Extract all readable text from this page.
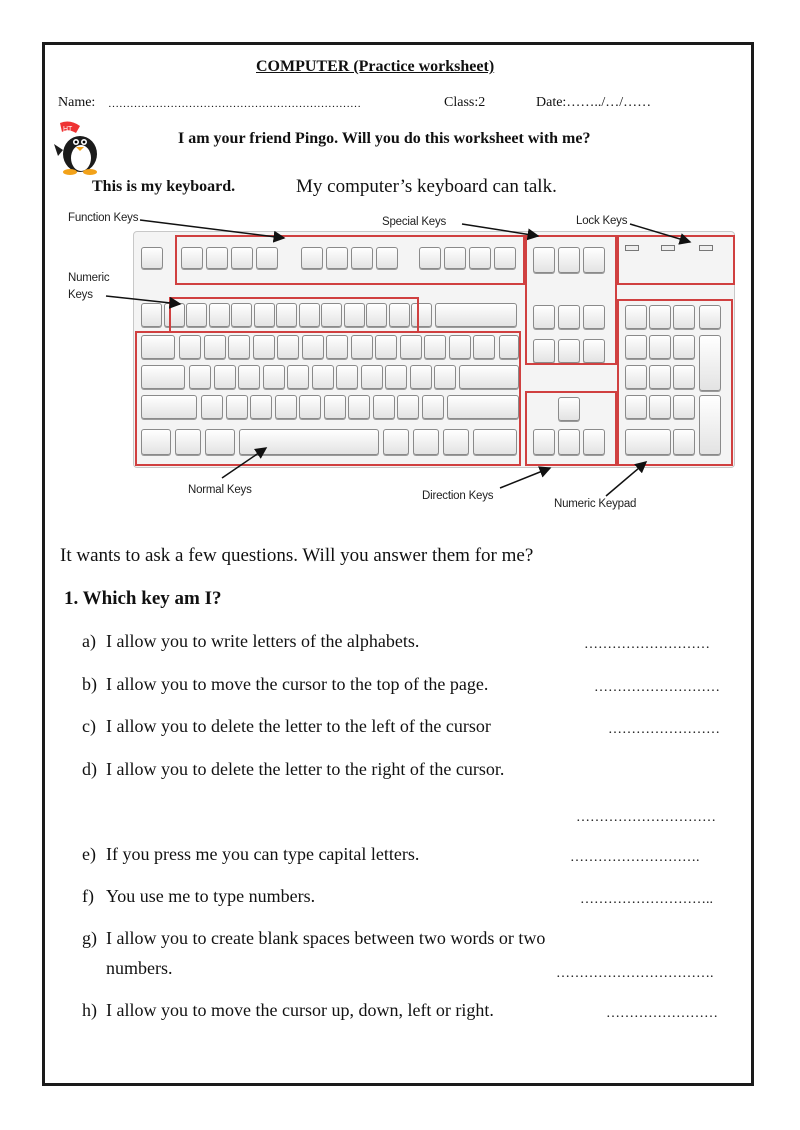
COMPUTER (Practice worksheet)
Name: ……………………………………………………………	Class:2	Date:……../…/……
HT
I am your friend Pingo. Will you do this worksheet with me?
This is my keyboard.	My computer’s keyboard can talk.
Function Keys	Special Keys	Lock Keys
Numeric
Keys
Normal Keys	Direction Keys
Numeric Keypad
It wants to ask a few questions. Will you answer them for me?
1. Which key am I?
a) I allow you to write letters of the alphabets.	………………………
b) I allow you to move the cursor to the top of the page.	………………………
c) I allow you to delete the letter to the left of the cursor	……………………
d) I allow you to delete the letter to the right of the cursor.
…………………………
e) If you press me you can type capital letters.	……………………….
f) You use me to type numbers.	………………………..
g) I allow you to create blank spaces between two words or two
numbers.	…………………………….
h) I allow you to move the cursor up, down, left or right.	……………………
